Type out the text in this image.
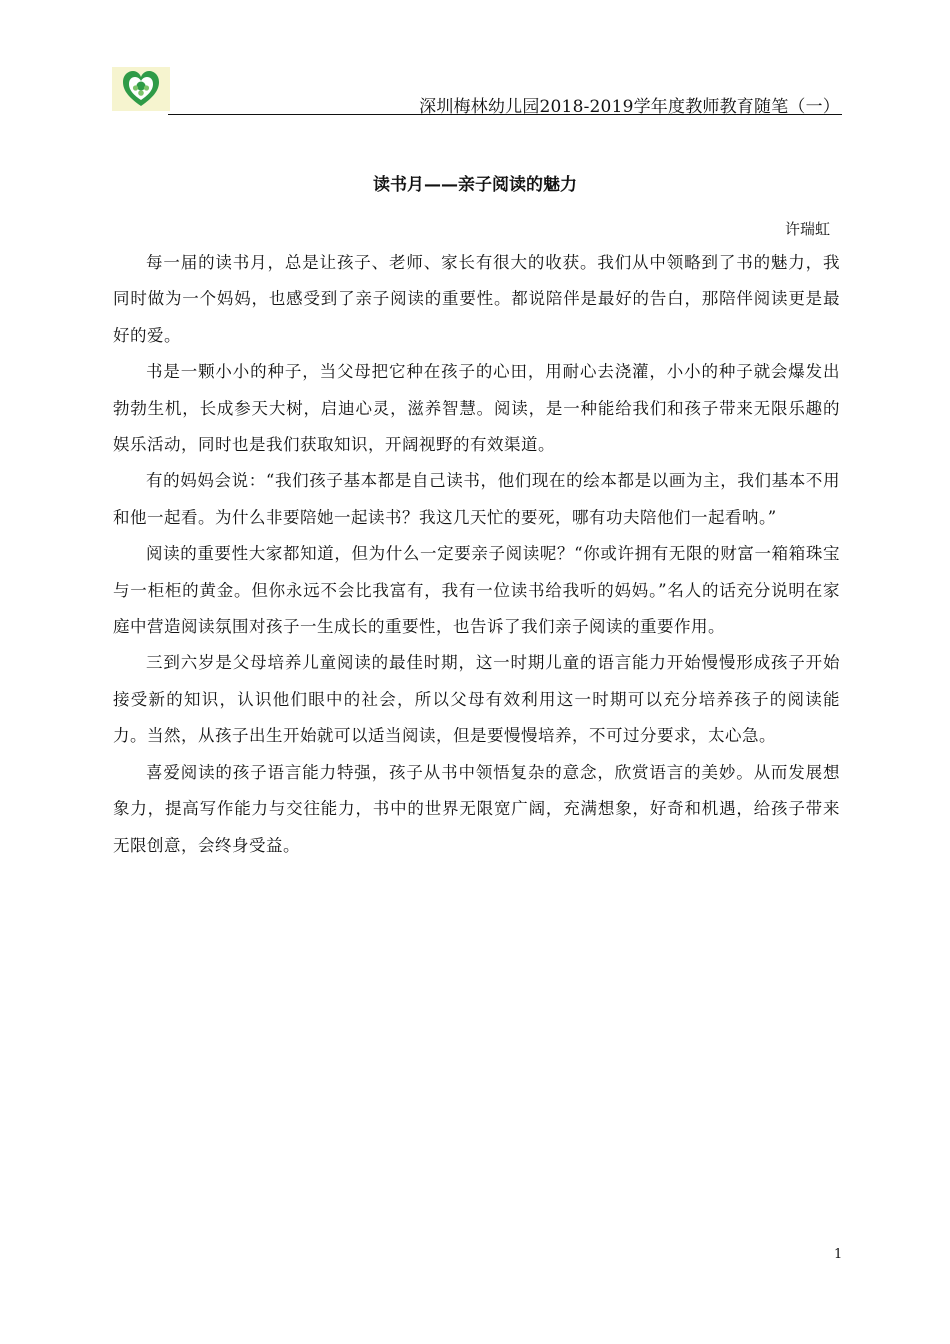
深圳梅林幼儿园2018-2019学年度教师教育随笔（一）
读书月——亲子阅读的魅力
许瑞虹

每一届的读书月，总是让孩子、老师、家长有很大的收获。我们从中领略到了书的魅力，我同时做为一个妈妈，也感受到了亲子阅读的重要性。都说陪伴是最好的告白，那陪伴阅读更是最好的爱。

书是一颗小小的种子，当父母把它种在孩子的心田，用耐心去浇灌，小小的种子就会爆发出勃勃生机，长成参天大树，启迪心灵，滋养智慧。阅读，是一种能给我们和孩子带来无限乐趣的娱乐活动，同时也是我们获取知识，开阔视野的有效渠道。

有的妈妈会说：“我们孩子基本都是自己读书，他们现在的绘本都是以画为主，我们基本不用和他一起看。为什么非要陪她一起读书？我这几天忙的要死，哪有功夫陪他们一起看呐。”

阅读的重要性大家都知道，但为什么一定要亲子阅读呢？“你或许拥有无限的财富一箱箱珠宝与一柜柜的黄金。但你永远不会比我富有，我有一位读书给我听的妈妈。”名人的话充分说明在家庭中营造阅读氛围对孩子一生成长的重要性，也告诉了我们亲子阅读的重要作用。

三到六岁是父母培养儿童阅读的最佳时期，这一时期儿童的语言能力开始慢慢形成孩子开始接受新的知识，认识他们眼中的社会，所以父母有效利用这一时期可以充分培养孩子的阅读能力。当然，从孩子出生开始就可以适当阅读，但是要慢慢培养，不可过分要求，太心急。

喜爱阅读的孩子语言能力特强，孩子从书中领悟复杂的意念，欣赏语言的美妙。从而发展想象力，提高写作能力与交往能力，书中的世界无限宽广阔，充满想象，好奇和机遇，给孩子带来无限创意，会终身受益。

1
